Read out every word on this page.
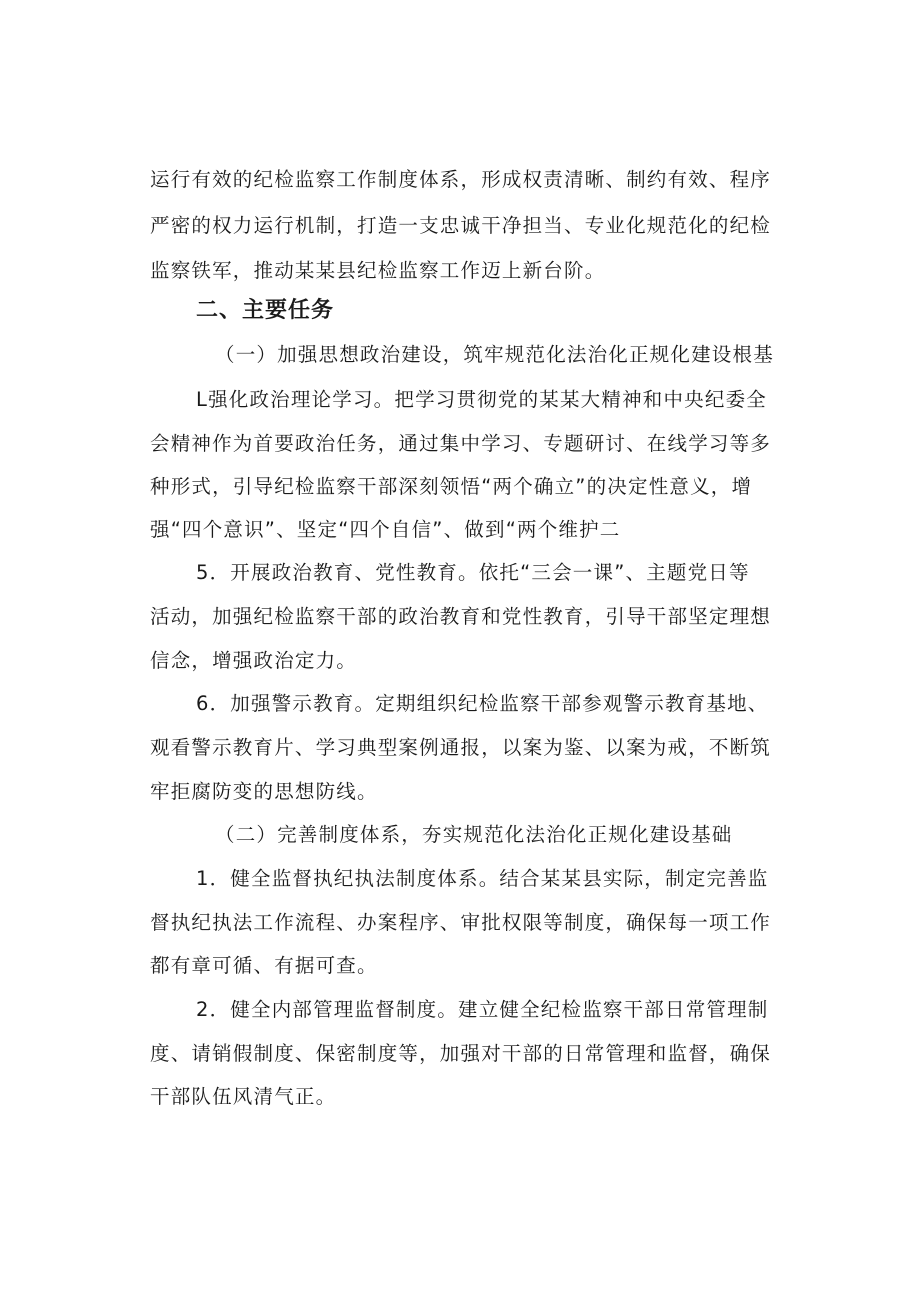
运行有效的纪检监察工作制度体系，形成权责清晰、制约有效、程序
严密的权力运行机制，打造一支忠诚干净担当、专业化规范化的纪检
监察铁军，推动某某县纪检监察工作迈上新台阶。
二、主要任务
（一）加强思想政治建设，筑牢规范化法治化正规化建设根基
L强化政治理论学习。把学习贯彻党的某某大精神和中央纪委全
会精神作为首要政治任务，通过集中学习、专题研讨、在线学习等多
种形式，引导纪检监察干部深刻领悟“两个确立”的决定性意义，增
强“四个意识”、坚定“四个自信”、做到“两个维护二
5．开展政治教育、党性教育。依托“三会一课”、主题党日等
活动，加强纪检监察干部的政治教育和党性教育，引导干部坚定理想
信念，增强政治定力。
6．加强警示教育。定期组织纪检监察干部参观警示教育基地、
观看警示教育片、学习典型案例通报，以案为鉴、以案为戒，不断筑
牢拒腐防变的思想防线。
（二）完善制度体系，夯实规范化法治化正规化建设基础
1．健全监督执纪执法制度体系。结合某某县实际，制定完善监
督执纪执法工作流程、办案程序、审批权限等制度，确保每一项工作
都有章可循、有据可查。
2．健全内部管理监督制度。建立健全纪检监察干部日常管理制
度、请销假制度、保密制度等，加强对干部的日常管理和监督，确保
干部队伍风清气正。
